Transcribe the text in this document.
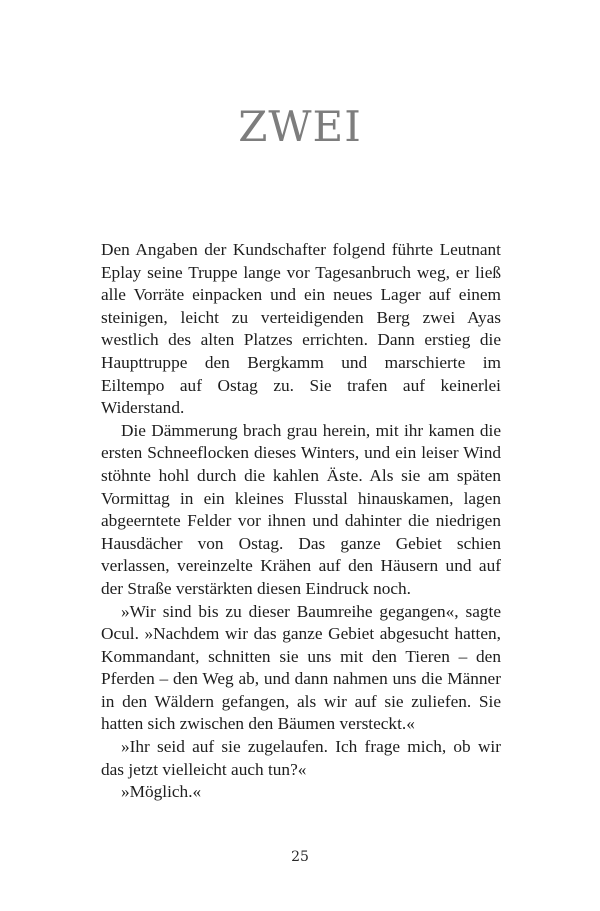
ZWEI

Den Angaben der Kundschafter folgend führte Leutnant Eplay seine Truppe lange vor Tagesanbruch weg, er ließ alle Vorräte einpacken und ein neues Lager auf einem steinigen, leicht zu verteidigenden Berg zwei Ayas westlich des alten Platzes errichten. Dann erstieg die Haupttruppe den Bergkamm und marschierte im Eiltempo auf Ostag zu. Sie trafen auf keinerlei Widerstand.

Die Dämmerung brach grau herein, mit ihr kamen die ersten Schneeflocken dieses Winters, und ein leiser Wind stöhnte hohl durch die kahlen Äste. Als sie am späten Vormittag in ein kleines Flusstal hinauskamen, lagen abgeerntete Felder vor ihnen und dahinter die niedrigen Hausdächer von Ostag. Das ganze Gebiet schien verlassen, vereinzelte Krähen auf den Häusern und auf der Straße verstärkten diesen Eindruck noch.

»Wir sind bis zu dieser Baumreihe gegangen«, sagte Ocul. »Nachdem wir das ganze Gebiet abgesucht hatten, Kommandant, schnitten sie uns mit den Tieren – den Pferden – den Weg ab, und dann nahmen uns die Männer in den Wäldern gefangen, als wir auf sie zuliefen. Sie hatten sich zwischen den Bäumen versteckt.«

»Ihr seid auf sie zugelaufen. Ich frage mich, ob wir das jetzt vielleicht auch tun?«

»Möglich.«

25
